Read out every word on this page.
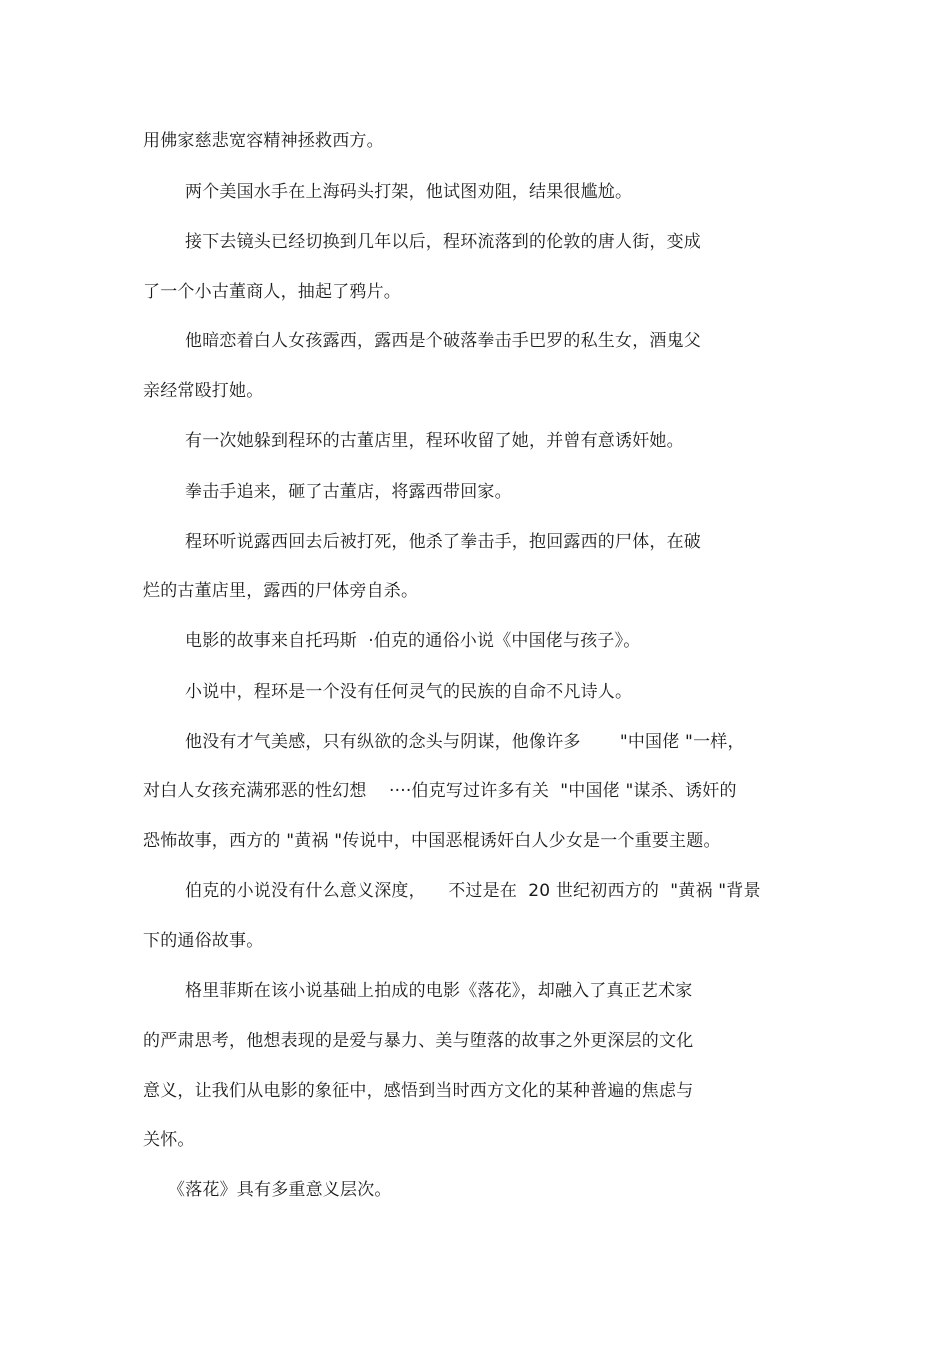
用佛家慈悲宽容精神拯救西方。
两个美国水手在上海码头打架，他试图劝阻，结果很尴尬。
接下去镜头已经切换到几年以后，程环流落到的伦敦的唐人街，变成
了一个小古董商人，抽起了鸦片。
他暗恋着白人女孩露西，露西是个破落拳击手巴罗的私生女，酒鬼父
亲经常殴打她。
有一次她躲到程环的古董店里，程环收留了她，并曾有意诱奸她。
拳击手追来，砸了古董店，将露西带回家。
程环听说露西回去后被打死，他杀了拳击手，抱回露西的尸体，在破
烂的古董店里，露西的尸体旁自杀。
电影的故事来自托玛斯  ·伯克的通俗小说《中国佬与孩子》。
小说中，程环是一个没有任何灵气的民族的自命不凡诗人。
他没有才气美感，只有纵欲的念头与阴谋，他像许多       "中国佬 "一样，
对白人女孩充满邪恶的性幻想    ····伯克写过许多有关  "中国佬 "谋杀、诱奸的
恐怖故事，西方的 "黄祸 "传说中，中国恶棍诱奸白人少女是一个重要主题。
伯克的小说没有什么意义深度，    不过是在  20 世纪初西方的  "黄祸 "背景
下的通俗故事。
格里菲斯在该小说基础上拍成的电影《落花》，却融入了真正艺术家
的严肃思考，他想表现的是爱与暴力、美与堕落的故事之外更深层的文化
意义，让我们从电影的象征中，感悟到当时西方文化的某种普遍的焦虑与
关怀。
《落花》具有多重意义层次。
